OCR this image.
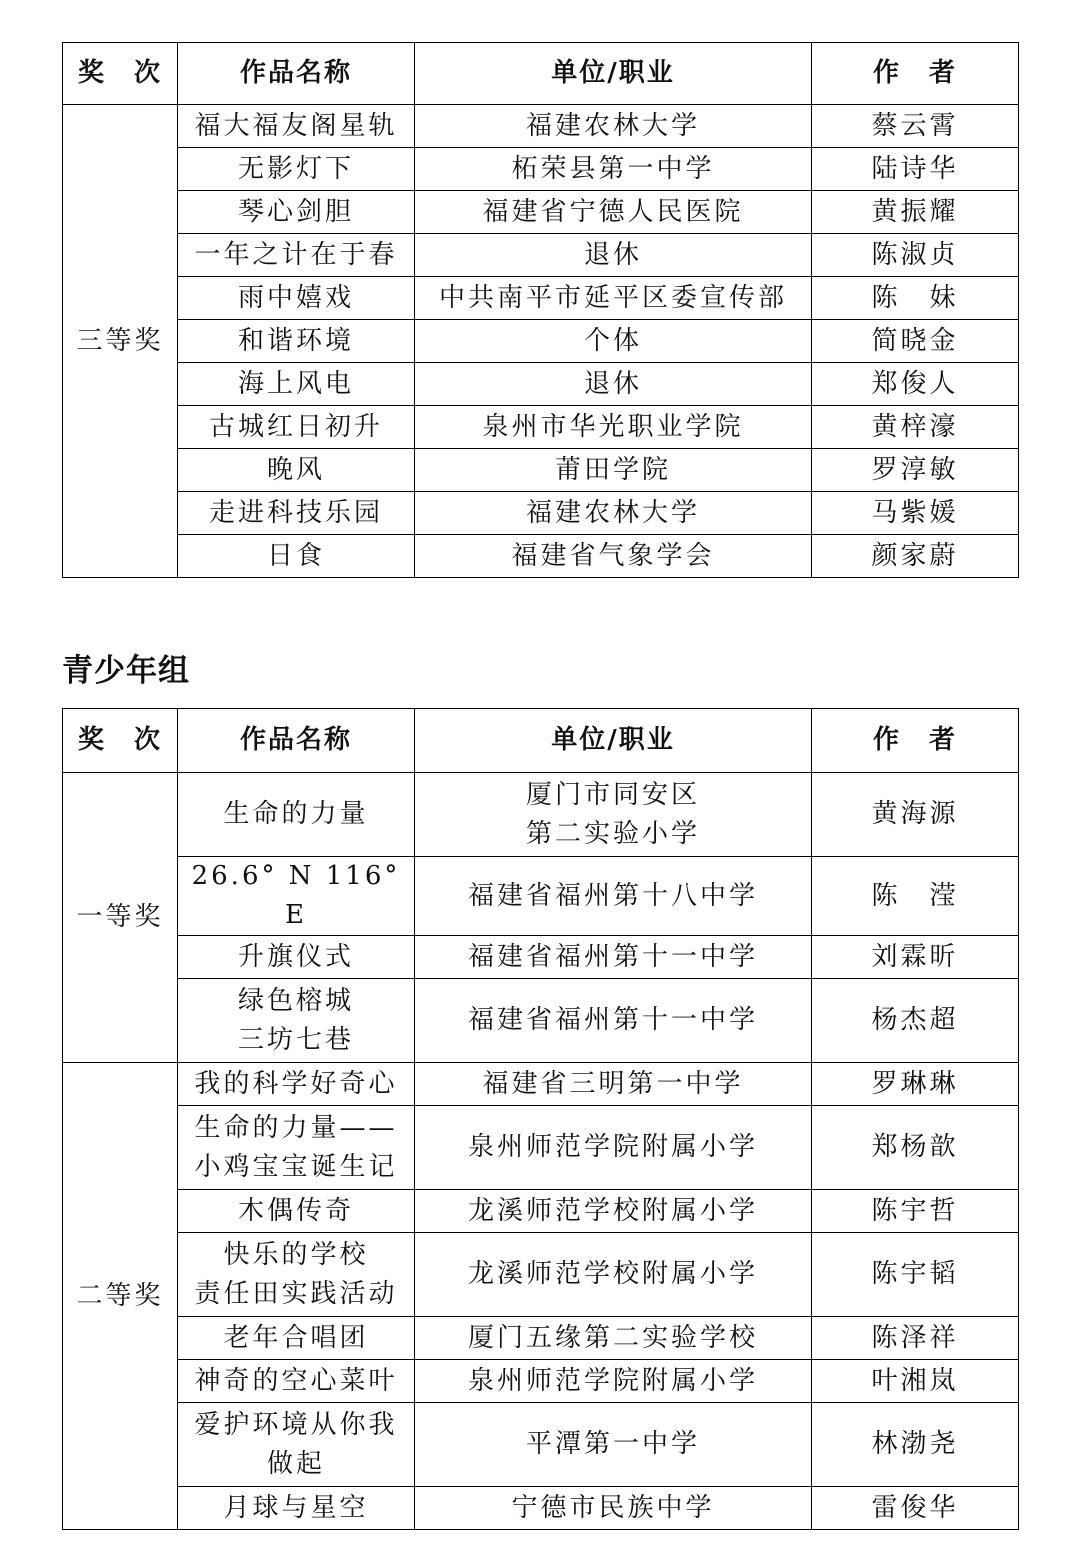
奖　次	作品名称	单位/职业	作　者
三等奖	福大福友阁星轨	福建农林大学	蔡云霄

	无影灯下	柘荣县第一中学	陆诗华

	琴心剑胆	福建省宁德人民医院	黄振耀

	一年之计在于春	退休	陈淑贞

	雨中嬉戏	中共南平市延平区委宣传部	陈　妹

	和谐环境	个体	简晓金

	海上风电	退休	郑俊人

	古城红日初升	泉州市华光职业学院	黄梓濠

	晚风	莆田学院	罗淳敏

	走进科技乐园	福建农林大学	马紫媛

	日食	福建省气象学会	颜家蔚
青少年组
奖　次	作品名称	单位/职业	作　者
一等奖	生命的力量	厦门市同安区
第二实验小学	黄海源

	26.6° N 116° E	福建省福州第十八中学	陈　滢

	升旗仪式	福建省福州第十一中学	刘霖昕

	绿色榕城
三坊七巷	福建省福州第十一中学	杨杰超
二等奖	我的科学好奇心	福建省三明第一中学	罗琳琳

	生命的力量——
小鸡宝宝诞生记	泉州师范学院附属小学	郑杨歆

	木偶传奇	龙溪师范学校附属小学	陈宇哲

	快乐的学校
责任田实践活动	龙溪师范学校附属小学	陈宇韬

	老年合唱团	厦门五缘第二实验学校	陈泽祥

	神奇的空心菜叶	泉州师范学院附属小学	叶湘岚

	爱护环境从你我
做起	平潭第一中学	林渤尧

	月球与星空	宁德市民族中学	雷俊华
